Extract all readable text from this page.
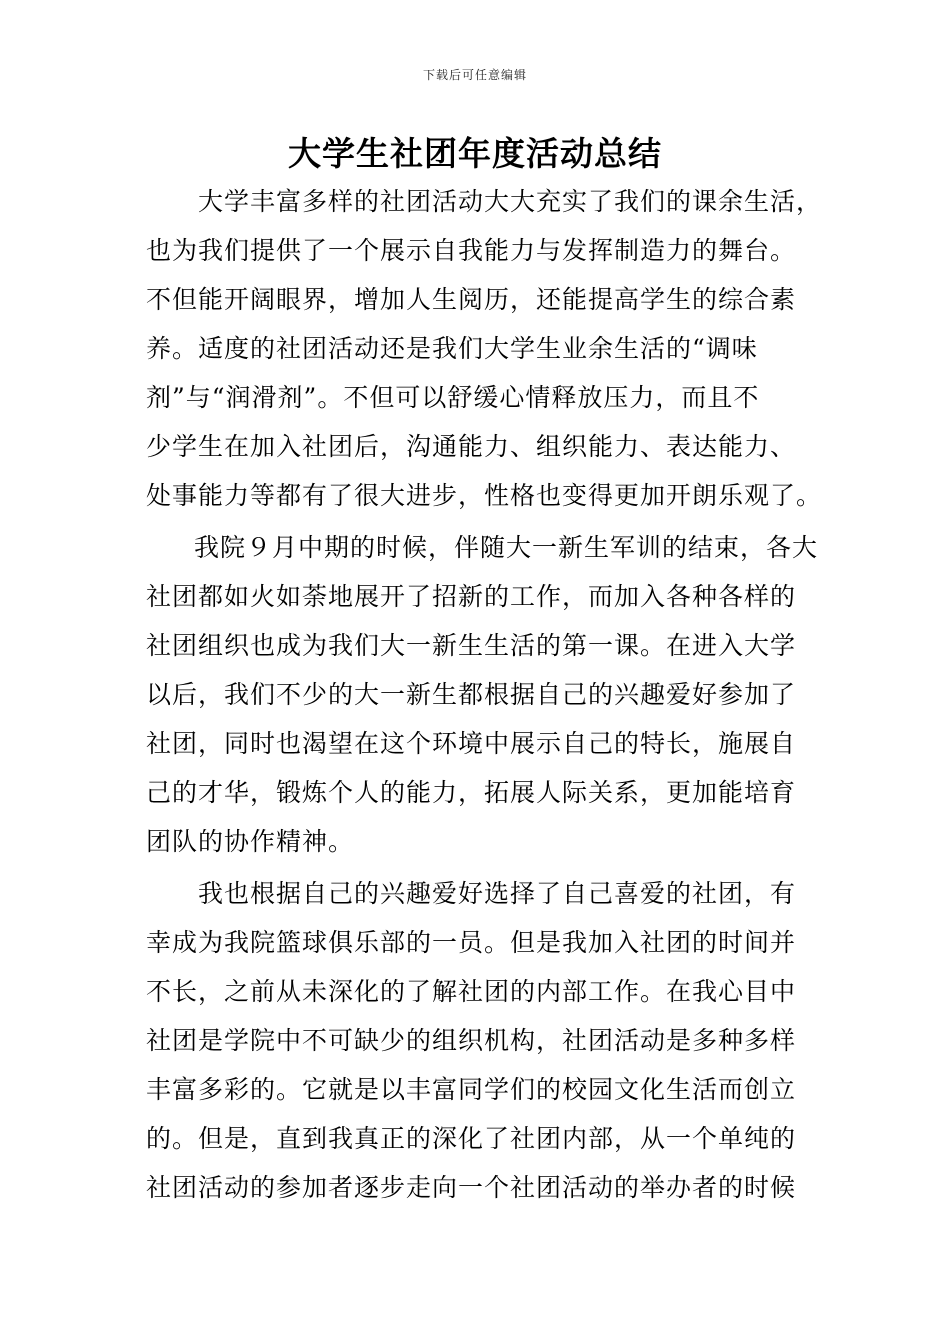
下载后可任意编辑
大学生社团年度活动总结
大学丰富多样的社团活动大大充实了我们的课余生活，
也为我们提供了一个展示自我能力与发挥制造力的舞台。
不但能开阔眼界，增加人生阅历，还能提高学生的综合素
养。适度的社团活动还是我们大学生业余生活的“调味
剂”与“润滑剂”。不但可以舒缓心情释放压力，而且不
少学生在加入社团后，沟通能力、组织能力、表达能力、
处事能力等都有了很大进步，性格也变得更加开朗乐观了。
我院９月中期的时候，伴随大一新生军训的结束，各大
社团都如火如荼地展开了招新的工作，而加入各种各样的
社团组织也成为我们大一新生生活的第一课。在进入大学
以后，我们不少的大一新生都根据自己的兴趣爱好参加了
社团，同时也渴望在这个环境中展示自己的特长，施展自
己的才华，锻炼个人的能力，拓展人际关系，更加能培育
团队的协作精神。
我也根据自己的兴趣爱好选择了自己喜爱的社团，有
幸成为我院篮球俱乐部的一员。但是我加入社团的时间并
不长，之前从未深化的了解社团的内部工作。在我心目中
社团是学院中不可缺少的组织机构，社团活动是多种多样
丰富多彩的。它就是以丰富同学们的校园文化生活而创立
的。但是，直到我真正的深化了社团内部，从一个单纯的
社团活动的参加者逐步走向一个社团活动的举办者的时候
